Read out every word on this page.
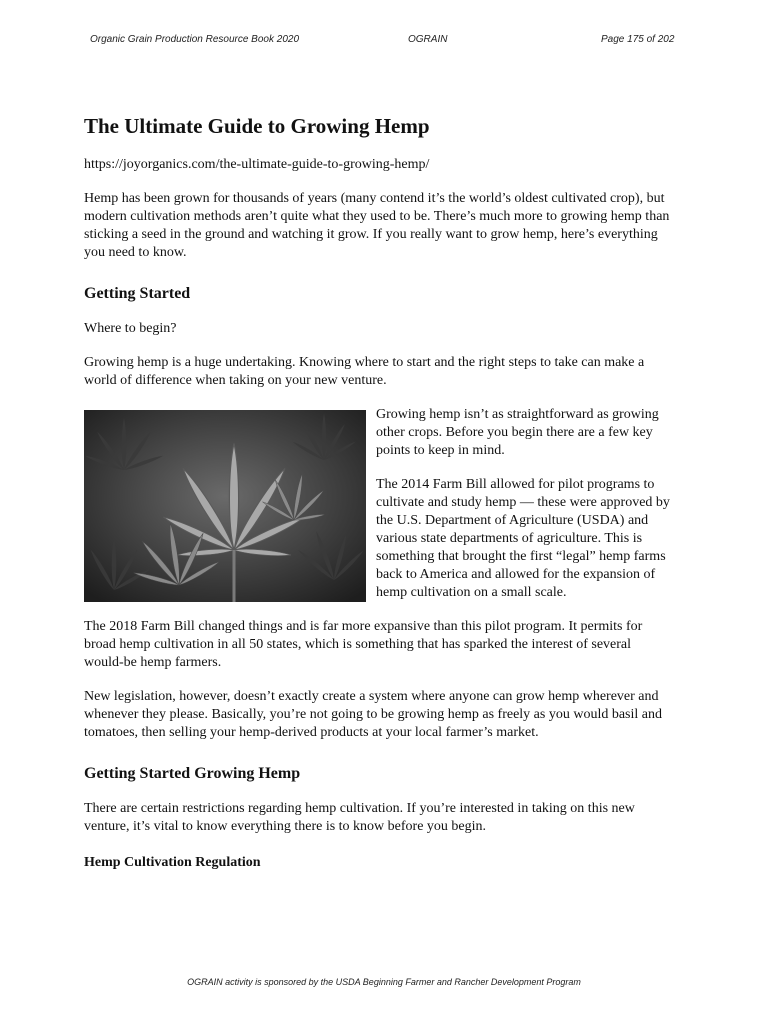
Organic Grain Production Resource Book 2020	OGRAIN	Page 175 of 202
The Ultimate Guide to Growing Hemp

https://joyorganics.com/the-ultimate-guide-to-growing-hemp/

Hemp has been grown for thousands of years (many contend it’s the world’s oldest cultivated crop), but modern cultivation methods aren’t quite what they used to be. There’s much more to growing hemp than sticking a seed in the ground and watching it grow. If you really want to grow hemp, here’s everything you need to know.

Getting Started

Where to begin?

Growing hemp is a huge undertaking. Knowing where to start and the right steps to take can make a world of difference when taking on your new venture.

Growing hemp isn’t as straightforward as growing other crops. Before you begin there are a few key points to keep in mind.

The 2014 Farm Bill allowed for pilot programs to cultivate and study hemp — these were approved by the U.S. Department of Agriculture (USDA) and various state departments of agriculture. This is something that brought the first “legal” hemp farms back to America and allowed for the expansion of hemp cultivation on a small scale.

The 2018 Farm Bill changed things and is far more expansive than this pilot program. It permits for broad hemp cultivation in all 50 states, which is something that has sparked the interest of several would-be hemp farmers.

New legislation, however, doesn’t exactly create a system where anyone can grow hemp wherever and whenever they please. Basically, you’re not going to be growing hemp as freely as you would basil and tomatoes, then selling your hemp-derived products at your local farmer’s market.

Getting Started Growing Hemp

There are certain restrictions regarding hemp cultivation. If you’re interested in taking on this new venture, it’s vital to know everything there is to know before you begin.

Hemp Cultivation Regulation
OGRAIN activity is sponsored by the USDA Beginning Farmer and Rancher Development Program
